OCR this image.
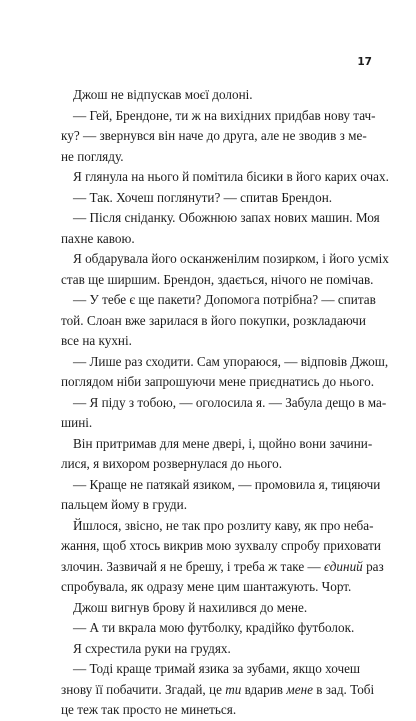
17

Джош не відпускав моєї долоні.
— Гей, Брендоне, ти ж на вихідних придбав нову тач-
ку? — звернувся він наче до друга, але не зводив з ме-
не погляду.
Я глянула на нього й помітила бісики в його карих очах.
— Так. Хочеш поглянути? — спитав Брендон.
— Після сніданку. Обожнюю запах нових машин. Моя
пахне кавою.
Я обдарувала його осканженілим позирком, і його усміх
став ще ширшим. Брендон, здається, нічого не помічав.
— У тебе є ще пакети? Допомога потрібна? — спитав
той. Слоан вже зарилася в його покупки, розкладаючи
все на кухні.
— Лише раз сходити. Сам упораюся, — відповів Джош,
поглядом ніби запрошуючи мене приєднатись до нього.
— Я піду з тобою, — оголосила я. — Забула дещо в ма-
шині.
Він притримав для мене двері, і, щойно вони зачини-
лися, я вихором розвернулася до нього.
— Краще не патякай язиком, — промовила я, тицяючи
пальцем йому в груди.
Йшлося, звісно, не так про розлиту каву, як про неба-
жання, щоб хтось викрив мою зухвалу спробу приховати
злочин. Зазвичай я не брешу, і треба ж таке — єдиний раз
спробувала, як одразу мене цим шантажують. Чорт.
Джош вигнув брову й нахилився до мене.
— А ти вкрала мою футболку, крадійко футболок.
Я схрестила руки на грудях.
— Тоді краще тримай язика за зубами, якщо хочеш
знову її побачити. Згадай, це ти вдарив мене в зад. Тобі
це теж так просто не минеться.
